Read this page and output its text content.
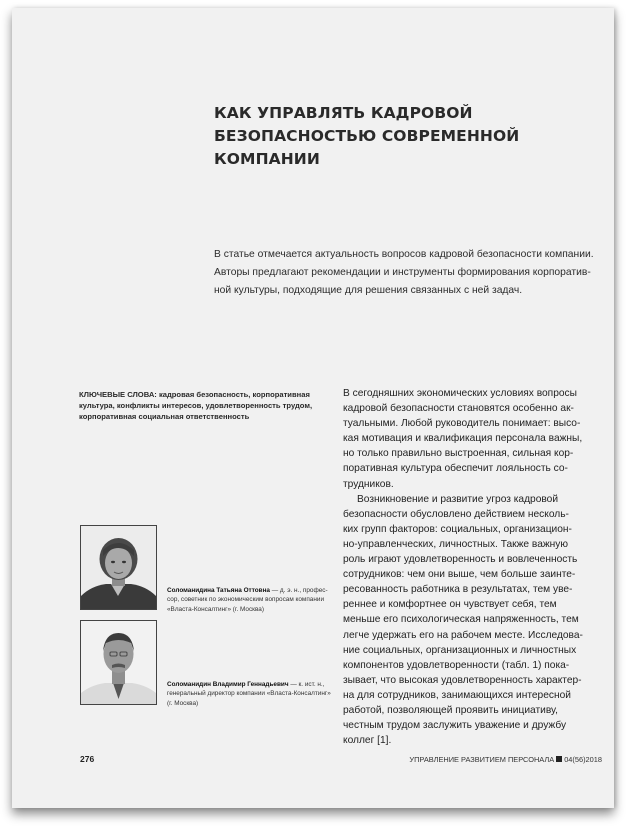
КАК УПРАВЛЯТЬ КАДРОВОЙ
БЕЗОПАСНОСТЬЮ СОВРЕМЕННОЙ
КОМПАНИИ
В статье отмечается актуальность вопросов кадровой безопасности компании.
Авторы предлагают рекомендации и инструменты формирования корпоратив-
ной культуры, подходящие для решения связанных с ней задач.
КЛЮЧЕВЫЕ СЛОВА: кадровая безопасность, корпоративная
культура, конфликты интересов, удовлетворенность трудом,
корпоративная социальная ответственность
В сегодняшних экономических условиях вопросы
кадровой безопасности становятся особенно ак-
туальными. Любой руководитель понимает: высо-
кая мотивация и квалификация персонала важны,
но только правильно выстроенная, сильная кор-
поративная культура обеспечит лояльность со-
трудников.
Возникновение и развитие угроз кадровой
безопасности обусловлено действием несколь-
ких групп факторов: социальных, организацион-
но-управленческих, личностных. Также важную
роль играют удовлетворенность и вовлеченность
сотрудников: чем они выше, чем больше заинте-
ресованность работника в результатах, тем уве-
реннее и комфортнее он чувствует себя, тем
меньше его психологическая напряженность, тем
легче удержать его на рабочем месте. Исследова-
ние социальных, организационных и личностных
компонентов удовлетворенности (табл. 1) пока-
зывает, что высокая удовлетворенность характер-
на для сотрудников, занимающихся интересной
работой, позволяющей проявить инициативу,
честным трудом заслужить уважение и дружбу
коллег [1].
Соломанидина Татьяна Оттовна — д. э. н., профес-
сор, советник по экономическим вопросам компании
«Власта-Консалтинг» (г. Москва)
Соломанидин Владимир Геннадьевич — к. ист. н.,
генеральный директор компании «Власта-Консалтинг»
(г. Москва)
276	УПРАВЛЕНИЕ РАЗВИТИЕМ ПЕРСОНАЛА 04(56)2018
